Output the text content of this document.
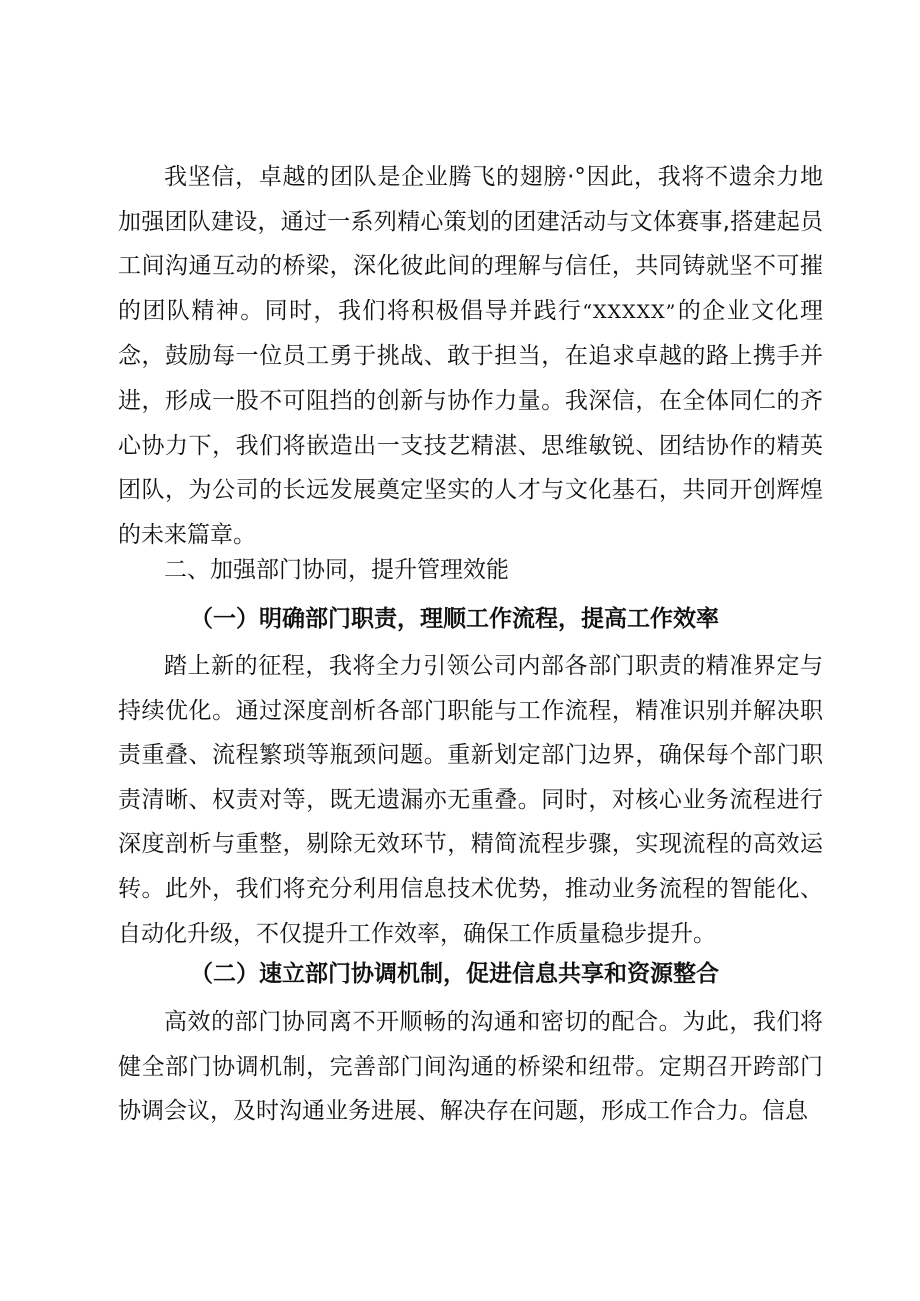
我坚信，卓越的团队是企业腾飞的翅膀·°因此，我将不遗余力地加强团队建设，通过一系列精心策划的团建活动与文体赛事,搭建起员工间沟通互动的桥梁，深化彼此间的理解与信任，共同铸就坚不可摧的团队精神。同时，我们将积极倡导并践行“XXXXX”的企业文化理念，鼓励每一位员工勇于挑战、敢于担当，在追求卓越的路上携手并进，形成一股不可阻挡的创新与协作力量。我深信，在全体同仁的齐心协力下，我们将嵌造出一支技艺精湛、思维敏锐、团结协作的精英团队，为公司的长远发展奠定坚实的人才与文化基石，共同开创辉煌的未来篇章。

二、加强部门协同，提升管理效能

（一）明确部门职责，理顺工作流程，提高工作效率

踏上新的征程，我将全力引领公司内部各部门职责的精准界定与持续优化。通过深度剖析各部门职能与工作流程，精准识别并解决职责重叠、流程繁琐等瓶颈问题。重新划定部门边界，确保每个部门职责清晰、权责对等，既无遗漏亦无重叠。同时，对核心业务流程进行深度剖析与重整，剔除无效环节，精简流程步骤，实现流程的高效运转。此外，我们将充分利用信息技术优势，推动业务流程的智能化、自动化升级，不仅提升工作效率，确保工作质量稳步提升。

（二）速立部门协调机制，促进信息共享和资源整合

高效的部门协同离不开顺畅的沟通和密切的配合。为此，我们将健全部门协调机制，完善部门间沟通的桥梁和纽带。定期召开跨部门协调会议，及时沟通业务进展、解决存在问题，形成工作合力。信息
